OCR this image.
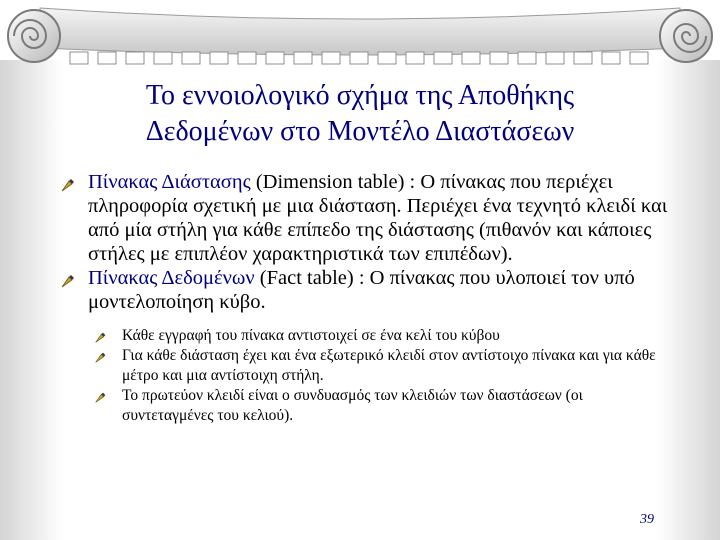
Το εννοιολογικό σχήμα της Αποθήκης
Δεδομένων στο Μοντέλο Διαστάσεων
Πίνακας Διάστασης (Dimension table) : Ο πίνακας που περιέχει πληροφορία σχετική με μια διάσταση. Περιέχει ένα τεχνητό κλειδί και από μία στήλη για κάθε επίπεδο της διάστασης (πιθανόν και κάποιες στήλες με επιπλέον χαρακτηριστικά των επιπέδων).
Πίνακας Δεδομένων (Fact table) : Ο πίνακας που υλοποιεί τον υπό μοντελοποίηση κύβο.
Κάθε εγγραφή του πίνακα αντιστοιχεί σε ένα κελί του κύβου
Για κάθε διάσταση έχει και ένα εξωτερικό κλειδί στον αντίστοιχο πίνακα και για κάθε μέτρο και μια αντίστοιχη στήλη.
Το πρωτεύον κλειδί είναι ο συνδυασμός των κλειδιών των διαστάσεων (οι συντεταγμένες του κελιού).
39
